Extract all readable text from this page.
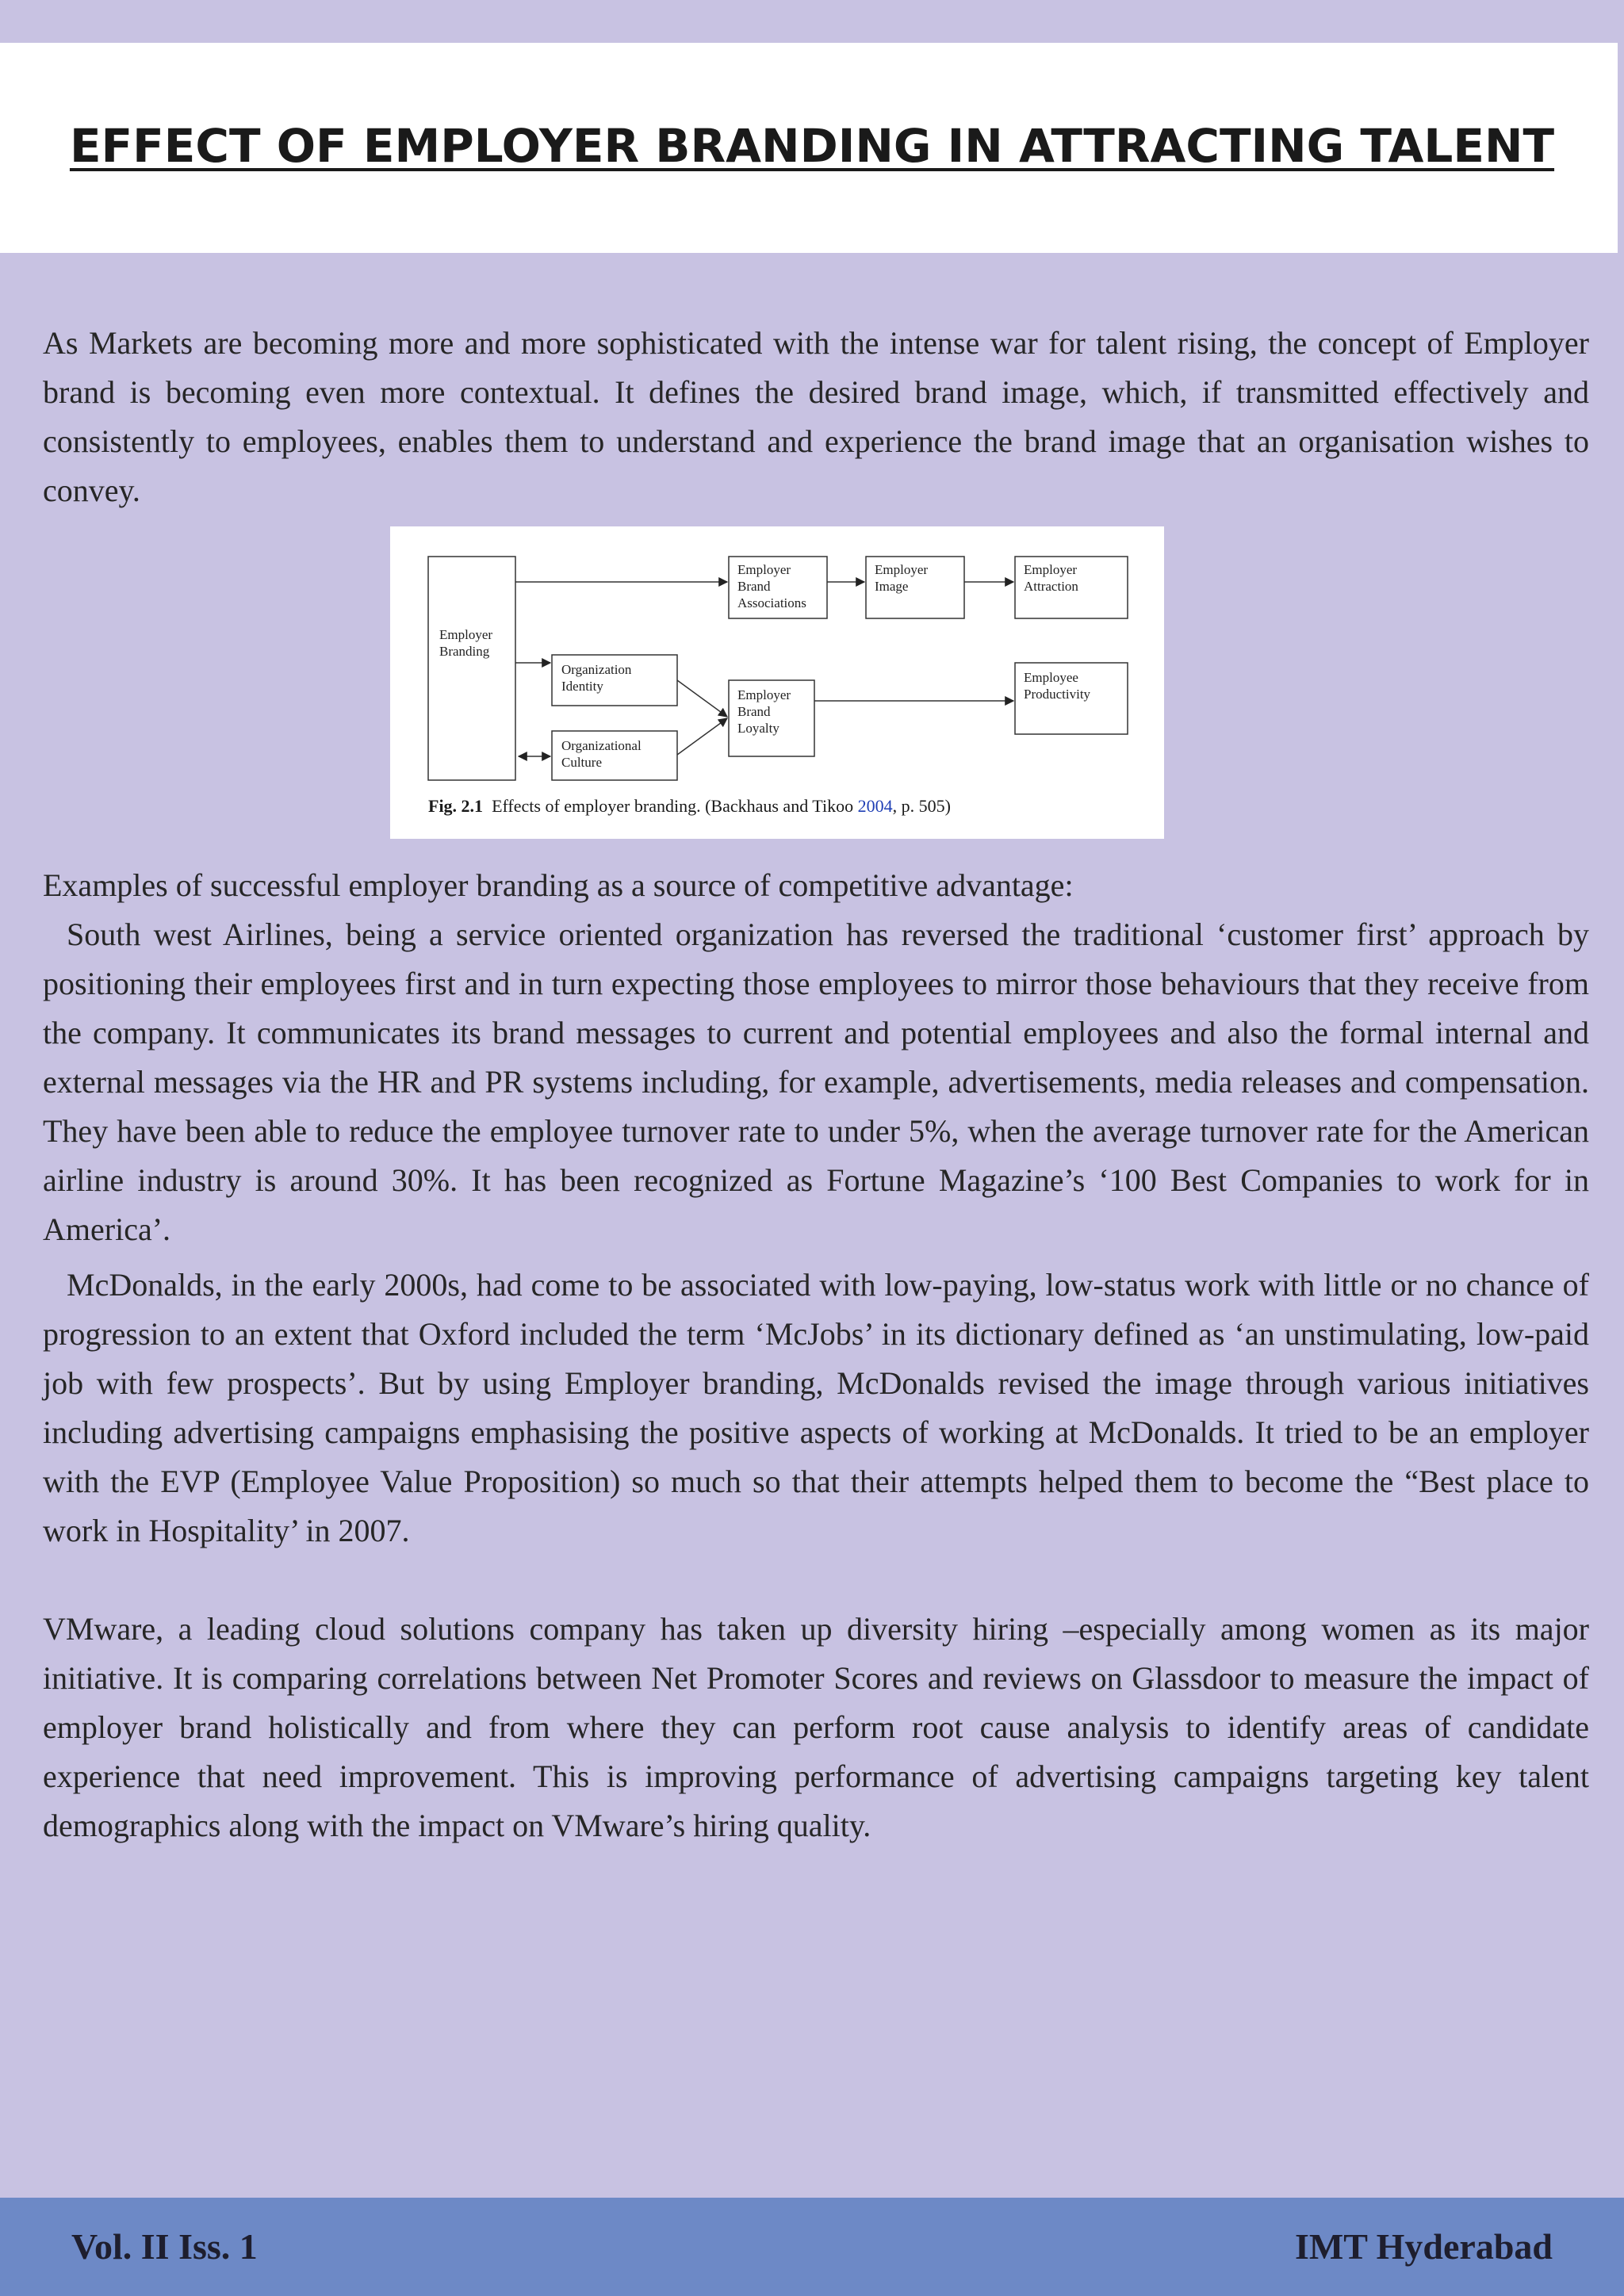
EFFECT OF EMPLOYER BRANDING IN ATTRACTING TALENT

As Markets are becoming more and more sophisticated with the intense war for talent rising, the concept of Employer brand is becoming even more contextual. It defines the desired brand image, which, if transmitted effectively and consistently to employees, enables them to understand and experience the brand image that an organisation wishes to convey.

Employer
Branding
Employer
Brand
Associations
Employer
Image
Employer
Attraction
Organization
Identity
Organizational
Culture
Employer
Brand
Loyalty
Employee
Productivity
Fig. 2.1 Effects of employer branding. (Backhaus and Tikoo 2004, p. 505)

Examples of successful employer branding as a source of competitive advantage:

South west Airlines, being a service oriented organization has reversed the traditional ‘customer first’ approach by positioning their employees first and in turn expecting those employees to mirror those behaviours that they receive from the company. It communicates its brand messages to current and potential employees and also the formal internal and external messages via the HR and PR systems including, for example, advertisements, media releases and compensation. They have been able to reduce the employee turnover rate to under 5%, when the average turnover rate for the American airline industry is around 30%. It has been recognized as Fortune Magazine’s ‘100 Best Companies to work for in America’.

McDonalds, in the early 2000s, had come to be associated with low-paying, low-status work with little or no chance of progression to an extent that Oxford included the term ‘McJobs’ in its dictionary defined as ‘an unstimulating, low-paid job with few prospects’. But by using Employer branding, McDonalds revised the image through various initiatives including advertising campaigns emphasising the positive aspects of working at McDonalds. It tried to be an employer with the EVP (Employee Value Proposition) so much so that their attempts helped them to become the “Best place to work in Hospitality’ in 2007.

VMware, a leading cloud solutions company has taken up diversity hiring –especially among women as its major initiative. It is comparing correlations between Net Promoter Scores and reviews on Glassdoor to measure the impact of employer brand holistically and from where they can perform root cause analysis to identify areas of candidate experience that need improvement. This is improving performance of advertising campaigns targeting key talent demographics along with the impact on VMware’s hiring quality.

Vol. II Iss. 1	IMT Hyderabad
